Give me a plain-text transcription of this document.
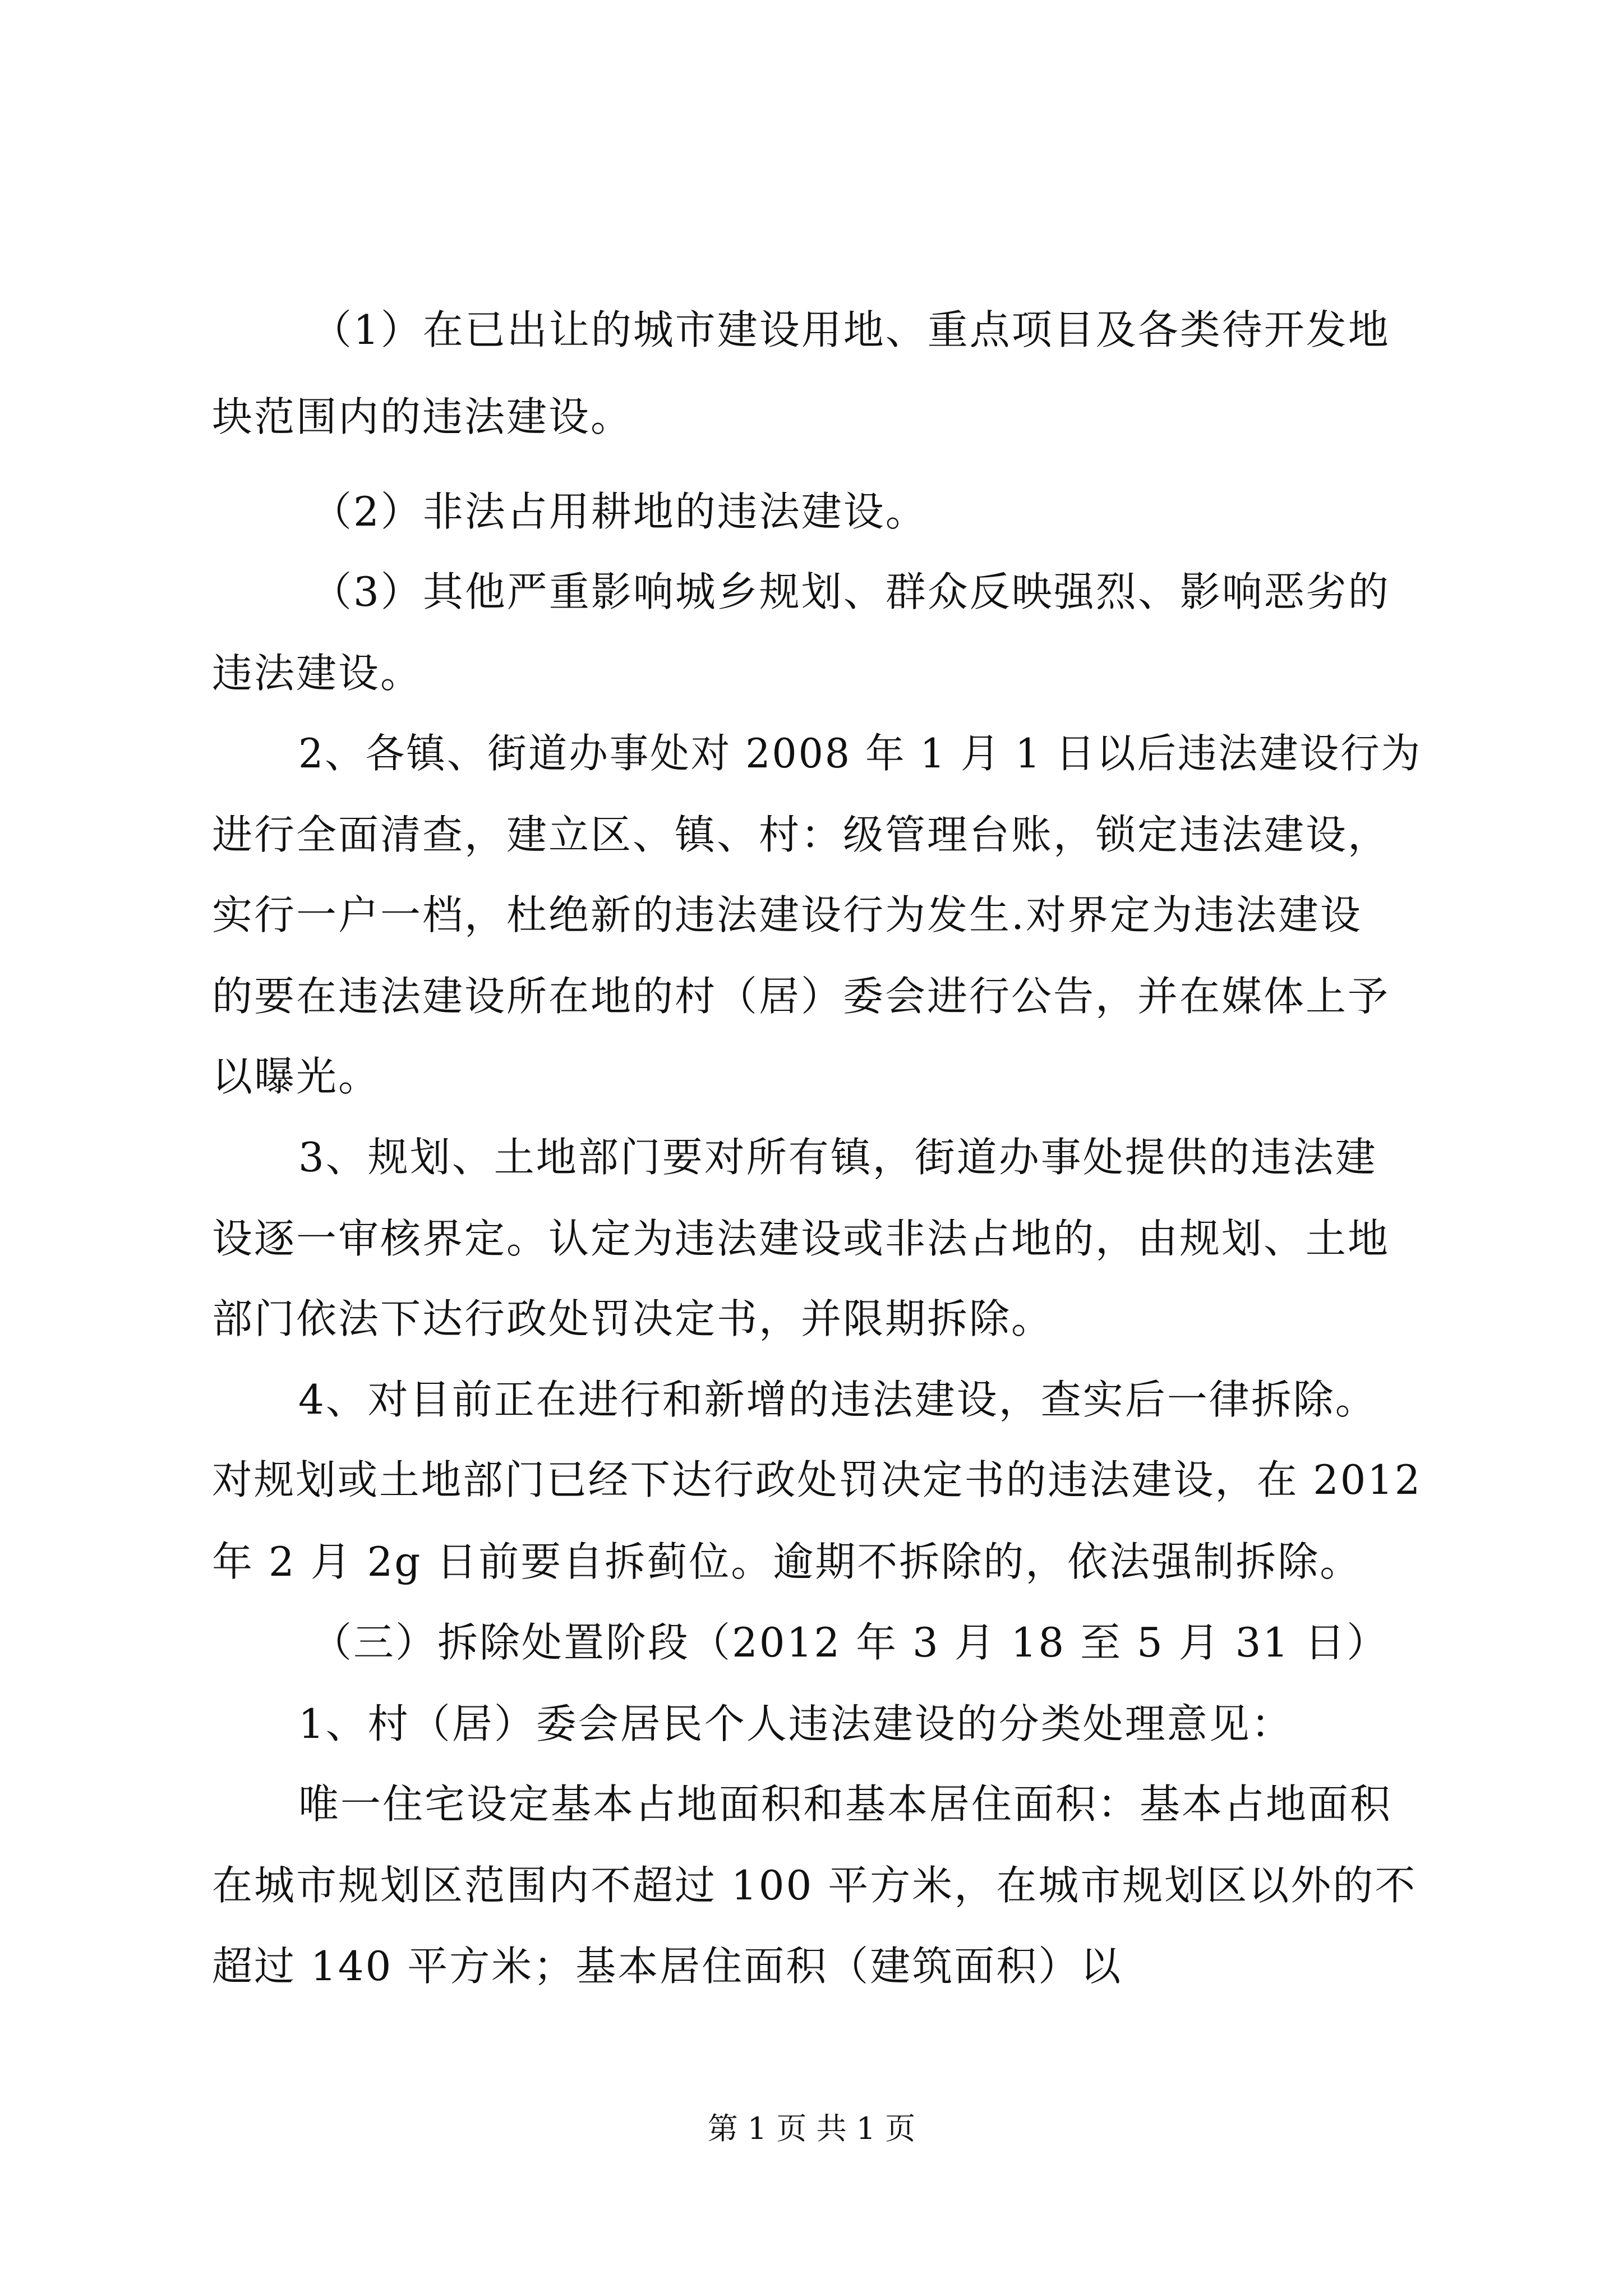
（1）在已出让的城市建设用地、重点项目及各类待开发地
块范围内的违法建设。
（2）非法占用耕地的违法建设。
（3）其他严重影响城乡规划、群众反映强烈、影响恶劣的
违法建设。
2、各镇、街道办事处对 2008 年 1 月 1 日以后违法建设行为
进行全面清查，建立区、镇、村：级管理台账，锁定违法建设，
实行一户一档，杜绝新的违法建设行为发生.对界定为违法建设
的要在违法建设所在地的村（居）委会进行公告，并在媒体上予
以曝光。
3、规划、土地部门要对所有镇，街道办事处提供的违法建
设逐一审核界定。认定为违法建设或非法占地的，由规划、土地
部门依法下达行政处罚决定书，并限期拆除。
4、对目前正在进行和新增的违法建设，查实后一律拆除。
对规划或土地部门已经下达行政处罚决定书的违法建设，在 2012
年 2 月 2g 日前要自拆蓟位。逾期不拆除的，依法强制拆除。
（三）拆除处置阶段（2012 年 3 月 18 至 5 月 31 日）
1、村（居）委会居民个人违法建设的分类处理意见：
唯一住宅设定基本占地面积和基本居住面积：基本占地面积
在城市规划区范围内不超过 100 平方米，在城市规划区以外的不
超过 140 平方米；基本居住面积（建筑面积）以
第 1 页 共 1 页
